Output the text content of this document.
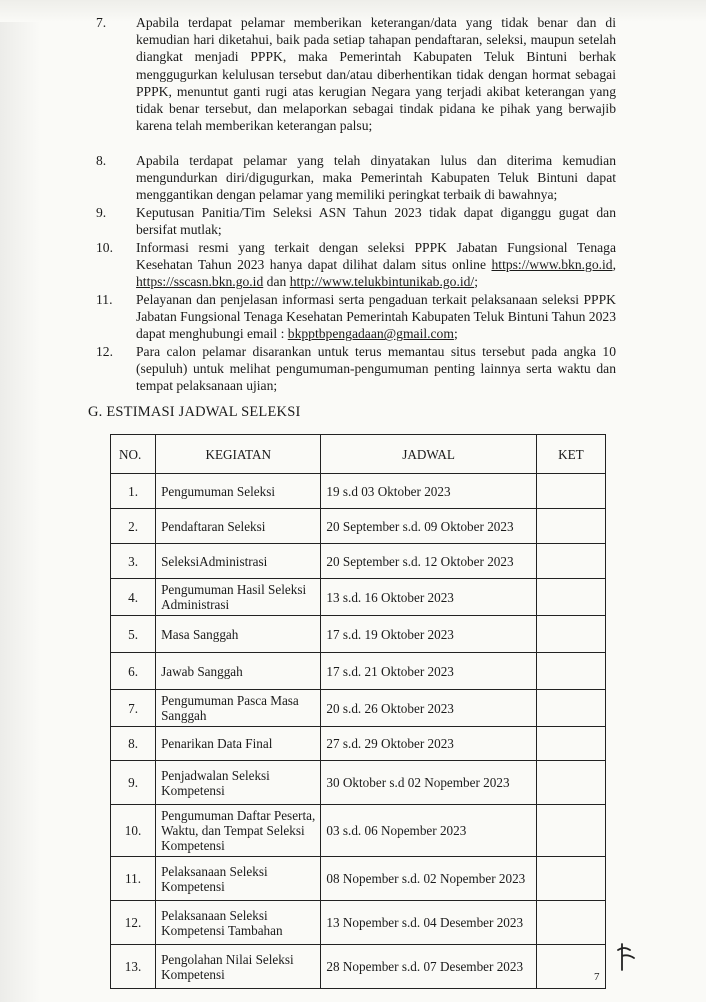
7.	Apabila terdapat pelamar memberikan keterangan/data yang tidak benar dan di kemudian hari diketahui, baik pada setiap tahapan pendaftaran, seleksi, maupun setelah diangkat menjadi PPPK, maka Pemerintah Kabupaten Teluk Bintuni berhak menggugurkan kelulusan tersebut dan/atau diberhentikan tidak dengan hormat sebagai PPPK, menuntut ganti rugi atas kerugian Negara yang terjadi akibat keterangan yang tidak benar tersebut, dan melaporkan sebagai tindak pidana ke pihak yang berwajib karena telah memberikan keterangan palsu;
8.	Apabila terdapat pelamar yang telah dinyatakan lulus dan diterima kemudian mengundurkan diri/digugurkan, maka Pemerintah Kabupaten Teluk Bintuni dapat menggantikan dengan pelamar yang memiliki peringkat terbaik di bawahnya;
9.	Keputusan Panitia/Tim Seleksi ASN Tahun 2023 tidak dapat diganggu gugat dan bersifat mutlak;
10.	Informasi resmi yang terkait dengan seleksi PPPK Jabatan Fungsional Tenaga Kesehatan Tahun 2023 hanya dapat dilihat dalam situs online https://www.bkn.go.id, https://sscasn.bkn.go.id dan http://www.telukbintunikab.go.id/;
11.	Pelayanan dan penjelasan informasi serta pengaduan terkait pelaksanaan seleksi PPPK Jabatan Fungsional Tenaga Kesehatan Pemerintah Kabupaten Teluk Bintuni Tahun 2023 dapat menghubungi email : bkpptbpengadaan@gmail.com;
12.	Para calon pelamar disarankan untuk terus memantau situs tersebut pada angka 10 (sepuluh) untuk melihat pengumuman-pengumuman penting lainnya serta waktu dan tempat pelaksanaan ujian;
G. ESTIMASI JADWAL SELEKSI
NO.	KEGIATAN	JADWAL	KET
1.	Pengumuman Seleksi	19 s.d 03 Oktober 2023	
2.	Pendaftaran Seleksi	20 September s.d. 09 Oktober 2023	
3.	SeleksiAdministrasi	20 September s.d. 12 Oktober 2023	
4.	Pengumuman Hasil Seleksi Administrasi	13 s.d. 16 Oktober 2023	
5.	Masa Sanggah	17 s.d. 19 Oktober 2023	
6.	Jawab Sanggah	17 s.d. 21 Oktober 2023	
7.	Pengumuman Pasca Masa Sanggah	20 s.d. 26 Oktober 2023	
8.	Penarikan Data Final	27 s.d. 29 Oktober 2023	
9.	Penjadwalan Seleksi Kompetensi	30 Oktober s.d 02 Nopember 2023	
10.	Pengumuman Daftar Peserta, Waktu, dan Tempat Seleksi Kompetensi	03 s.d. 06 Nopember 2023	
11.	Pelaksanaan Seleksi Kompetensi	08 Nopember s.d. 02 Nopember 2023	
12.	Pelaksanaan Seleksi Kompetensi Tambahan	13 Nopember s.d. 04 Desember 2023	
13.	Pengolahan Nilai Seleksi Kompetensi	28 Nopember s.d. 07 Desember 2023	
7
